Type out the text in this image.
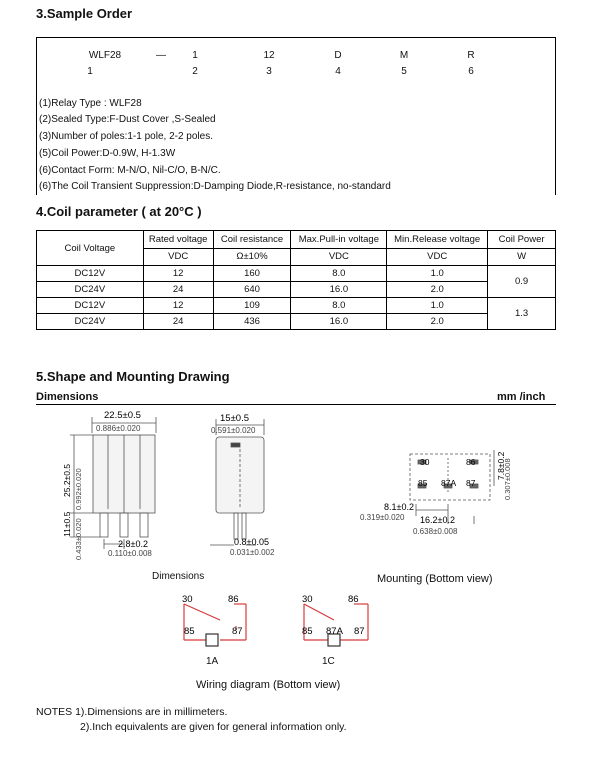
3.Sample Order
WLF28	—	1	12	D	M	R
1	2	3	4	5	6
(1)Relay Type : WLF28
(2)Sealed Type:F-Dust Cover ,S-Sealed
(3)Number of poles:1-1 pole, 2-2 poles.
(5)Coil Power:D-0.9W, H-1.3W
(6)Contact Form: M-N/O, Nil-C/O, B-N/C.
(6)The Coil Transient Suppression:D-Damping Diode,R-resistance, no-standard
4.Coil parameter ( at 20°C )
Coil Voltage	Rated voltage	Coil resistance	Max.Pull-in voltage	Min.Release voltage	Coil Power
	VDC	Ω±10%	VDC	VDC	W
DC12V	12	160	8.0	1.0	0.9
DC24V	24	640	16.0	2.0	
DC12V	12	109	8.0	1.0	1.3
DC24V	24	436	16.0	2.0	
5.Shape and Mounting Drawing
Dimensions	mm /inch
22.5±0.5
0.886±0.020
25.2±0.5 0.992±0.020
11±0.5 0.433±0.020	2.8±0.2
0.110±0.008
15±0.5
0.591±0.020
0.8±0.05
0.031±0.002
30	86
85 87A 87
7.8±0.2
0.307±0.008
8.1±0.2
0.319±0.020 16.2±0.2
0.638±0.008
Dimensions	Mounting (Bottom view)
30	86
85	87
30	86
85 87A 87
1A	1C
Wiring diagram (Bottom view)
NOTES 1).Dimensions are in millimeters.
2).Inch equivalents are given for general information only.
